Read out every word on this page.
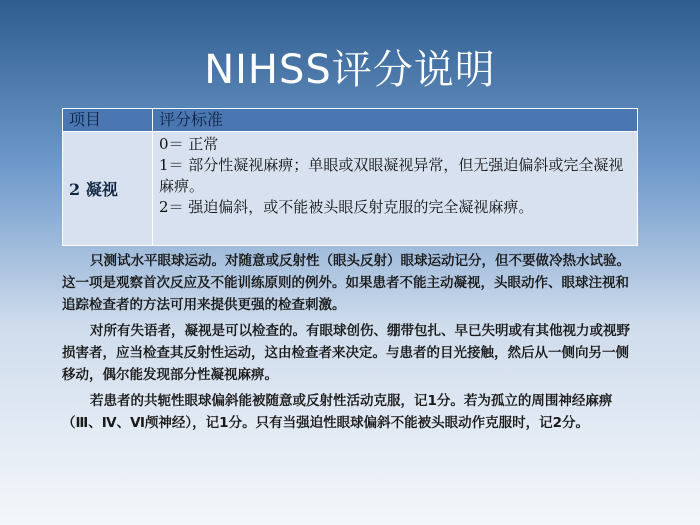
NIHSS评分说明
项目	评分标准
2 凝视
0＝ 正常
1＝ 部分性凝视麻痹；单眼或双眼凝视异常，但无强迫偏斜或完全凝视麻痹。
2＝ 强迫偏斜，或不能被头眼反射克服的完全凝视麻痹。

只测试水平眼球运动。对随意或反射性（眼头反射）眼球运动记分，但不要做冷热水试验。这一项是观察首次反应及不能训练原则的例外。如果患者不能主动凝视，头眼动作、眼球注视和追踪检查者的方法可用来提供更强的检查刺激。

对所有失语者，凝视是可以检查的。有眼球创伤、绷带包扎、早已失明或有其他视力或视野损害者，应当检查其反射性运动，这由检查者来决定。与患者的目光接触，然后从一侧向另一侧移动，偶尔能发现部分性凝视麻痹。

若患者的共轭性眼球偏斜能被随意或反射性活动克服，记1分。若为孤立的周围神经麻痹（Ⅲ、Ⅳ、Ⅵ颅神经），记1分。只有当强迫性眼球偏斜不能被头眼动作克服时，记2分。
